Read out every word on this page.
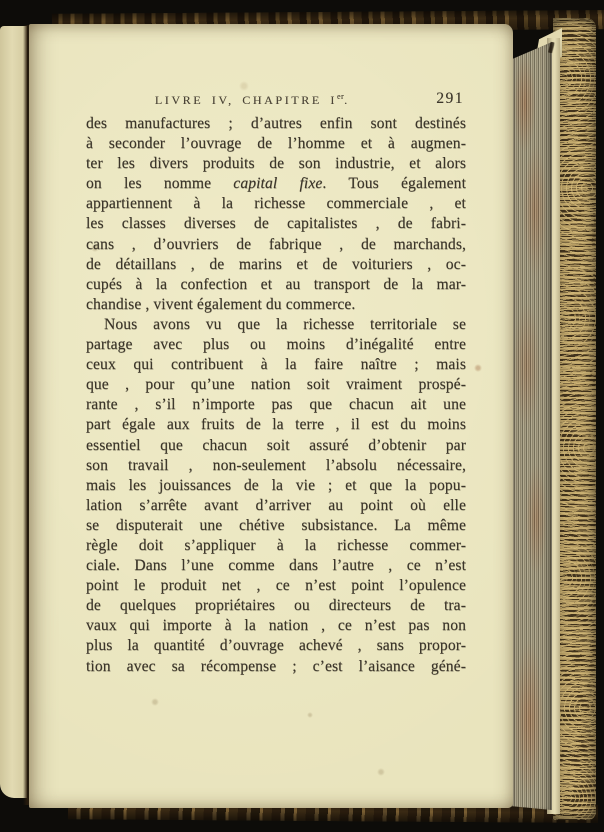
LIVRE IV, CHAPITRE Ier.	291
des manufactures ; d’autres enfin sont destinés
à seconder l’ouvrage de l’homme et à augmen-
ter les divers produits de son industrie, et alors
on les nomme capital fixe. Tous également
appartiennent à la richesse commerciale , et
les classes diverses de capitalistes , de fabri-
cans , d’ouvriers de fabrique , de marchands,
de détaillans , de marins et de voituriers , oc-
cupés à la confection et au transport de la mar-
chandise , vivent également du commerce.
Nous avons vu que la richesse territoriale se
partage avec plus ou moins d’inégalité entre
ceux qui contribuent à la faire naître ; mais
que , pour qu’une nation soit vraiment prospé-
rante , s’il n’importe pas que chacun ait une
part égale aux fruits de la terre , il est du moins
essentiel que chacun soit assuré d’obtenir par
son travail , non-seulement l’absolu nécessaire,
mais les jouissances de la vie ; et que la popu-
lation s’arrête avant d’arriver au point où elle
se disputerait une chétive subsistance. La même
règle doit s’appliquer à la richesse commer-
ciale. Dans l’une comme dans l’autre , ce n’est
point le produit net , ce n’est point l’opulence
de quelques propriétaires ou directeurs de tra-
vaux qui importe à la nation , ce n’est pas non
plus la quantité d’ouvrage achevé , sans propor-
tion avec sa récompense ; c’est l’aisance géné-
